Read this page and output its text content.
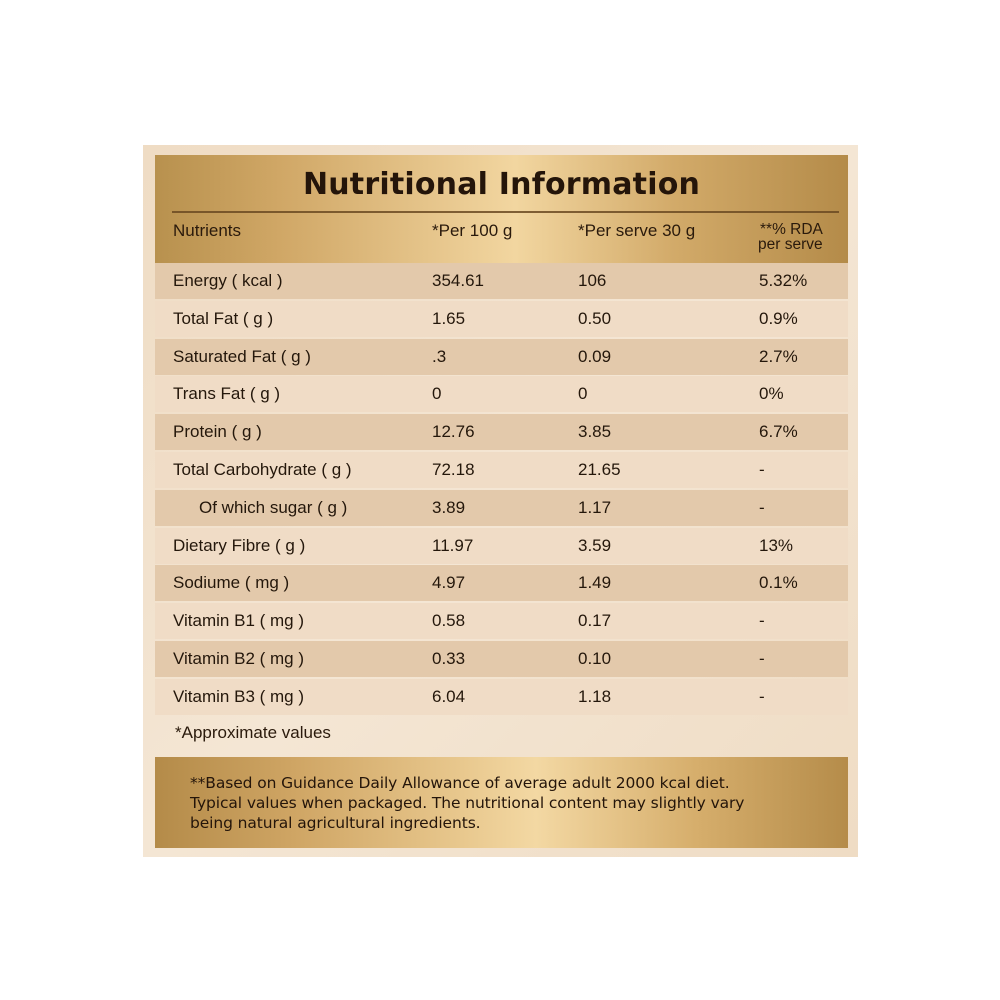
Nutritional Information
Nutrients	*Per 100 g	*Per serve 30 g	**% RDA
per serve
Energy ( kcal )	354.61	106	5.32%
Total Fat ( g )	1.65	0.50	0.9%
Saturated Fat ( g )	.3	0.09	2.7%
Trans Fat ( g )	0	0	0%
Protein ( g )	12.76	3.85	6.7%
Total Carbohydrate ( g )	72.18	21.65	-
Of which sugar ( g )	3.89	1.17	-
Dietary Fibre ( g )	11.97	3.59	13%
Sodiume ( mg )	4.97	1.49	0.1%
Vitamin B1 ( mg )	0.58	0.17	-
Vitamin B2 ( mg )	0.33	0.10	-
Vitamin B3 ( mg )	6.04	1.18	-
*Approximate values
**Based on Guidance Daily Allowance of average adult 2000 kcal diet.
Typical values when packaged. The nutritional content may slightly vary
being natural agricultural ingredients.
